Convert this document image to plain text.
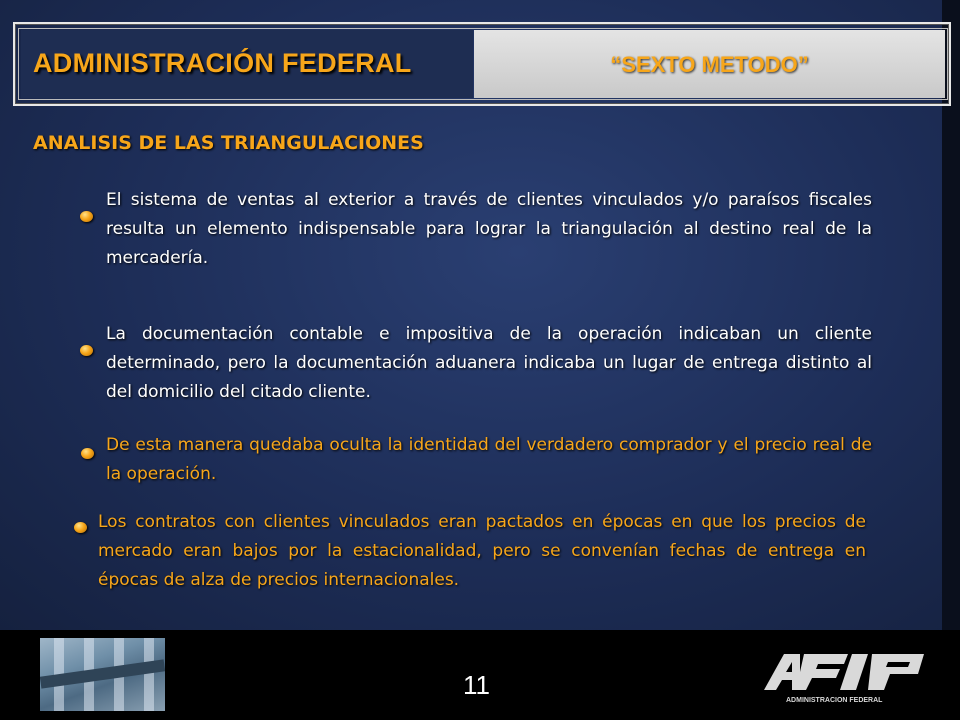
ADMINISTRACIÓN FEDERAL	“SEXTO METODO”
ANALISIS DE LAS TRIANGULACIONES
El sistema de ventas al exterior a través de clientes vinculados y/o paraísos fiscales resulta un elemento indispensable para lograr la triangulación al destino real de la mercadería.
La documentación contable e impositiva de la operación indicaban un cliente determinado, pero la documentación aduanera indicaba un lugar de entrega distinto al del domicilio del citado cliente.
De esta manera quedaba oculta la identidad del verdadero comprador y el precio real de la operación.
Los contratos con clientes vinculados eran pactados en épocas en que los precios de mercado eran bajos por la estacionalidad, pero se convenían fechas de entrega en épocas de alza de precios internacionales.
11
ADMINISTRACION FEDERAL
